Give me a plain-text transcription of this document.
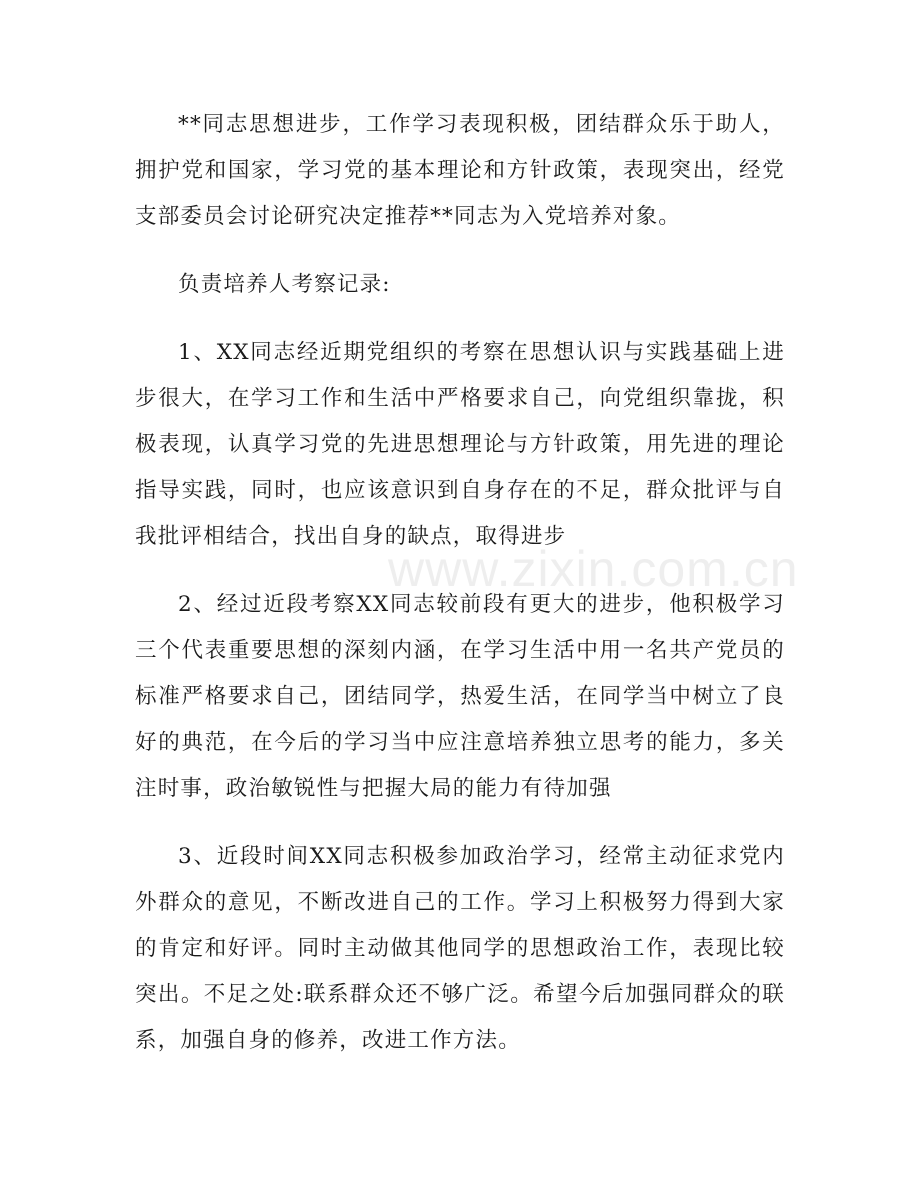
**同志思想进步，工作学习表现积极，团结群众乐于助人，拥护党和国家，学习党的基本理论和方针政策，表现突出，经党支部委员会讨论研究决定推荐**同志为入党培养对象。

负责培养人考察记录:

1、XX同志经近期党组织的考察在思想认识与实践基础上进步很大，在学习工作和生活中严格要求自己，向党组织靠拢，积极表现，认真学习党的先进思想理论与方针政策，用先进的理论指导实践，同时，也应该意识到自身存在的不足，群众批评与自我批评相结合，找出自身的缺点，取得进步

2、经过近段考察XX同志较前段有更大的进步，他积极学习三个代表重要思想的深刻内涵，在学习生活中用一名共产党员的标准严格要求自己，团结同学，热爱生活，在同学当中树立了良好的典范，在今后的学习当中应注意培养独立思考的能力，多关注时事，政治敏锐性与把握大局的能力有待加强

3、近段时间XX同志积极参加政治学习，经常主动征求党内外群众的意见，不断改进自己的工作。学习上积极努力得到大家的肯定和好评。同时主动做其他同学的思想政治工作，表现比较突出。不足之处:联系群众还不够广泛。希望今后加强同群众的联系，加强自身的修养，改进工作方法。

www.zixin.com.cn
